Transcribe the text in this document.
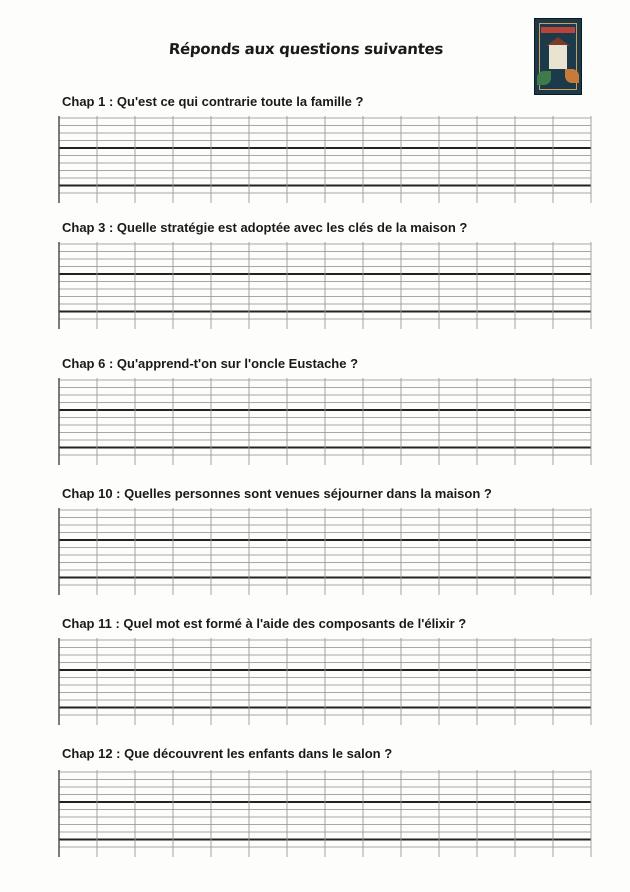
Réponds aux questions suivantes
Chap 1 : Qu'est ce qui contrarie toute la famille ?
Chap 3 : Quelle stratégie est adoptée avec les clés de la maison ?
Chap 6 : Qu'apprend-t'on sur l'oncle Eustache ?
Chap 10 : Quelles personnes sont venues séjourner dans la maison ?
Chap 11 : Quel mot est formé à l'aide des composants de l'élixir ?
Chap 12 : Que découvrent les enfants dans le salon ?
